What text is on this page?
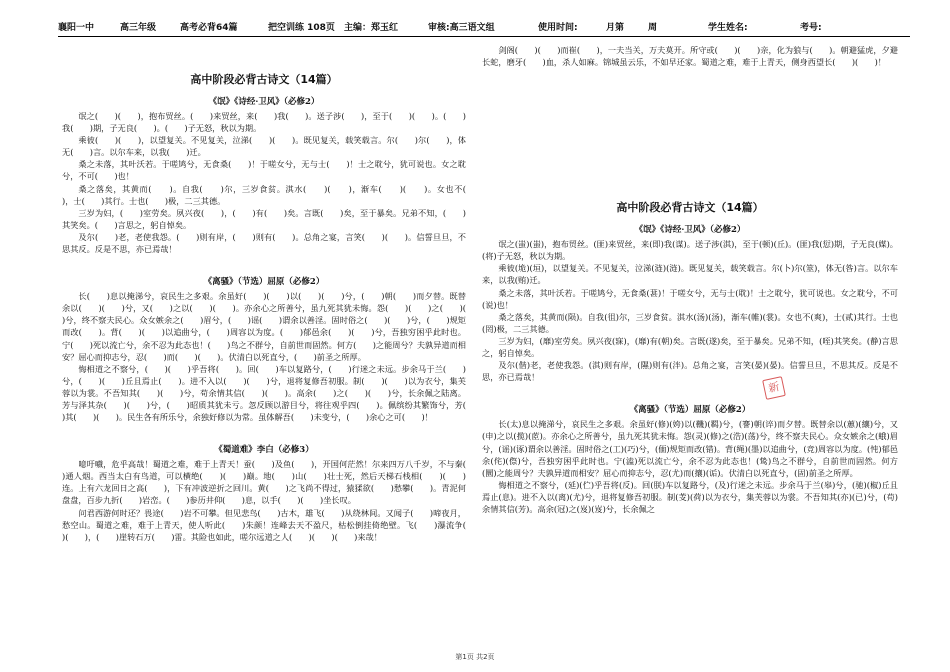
襄阳一中	高三年级	高考必背64篇	把空训练 108页 主编：郑玉红	审核:高三语文组	使用时间:	月第	周	学生姓名:	考号:
高中阶段必背古诗文（14篇）
《氓》《诗经·卫风》（必修2）

氓之(　　)(　　)，抱布贸丝。(　　)来贸丝，来(　　)我(　　)。送子涉(　　)，至于(　　)(　　)。(　　)我(　　)期，子无良(　　)。(　　)子无怒，秋以为期。

乘彼(　　)(　　)，以望复关。不见复关，泣涕(　　)(　　)。既见复关，载笑载言。尔(　　)尔(　　)，体无(　　)言。以尔车来，以我(　　)迁。

桑之未落，其叶沃若。于嗟鸠兮，无食桑(　　)！于嗟女兮，无与士(　　)！士之耽兮，犹可说也。女之耽兮，不可(　　)也！

桑之落矣，其黄而(　　)。自我(　　)尔，三岁食贫。淇水(　　)(　　)，渐车(　　)(　　)。女也不(　　)，士(　　)其行。士也(　　)极，二三其德。

三岁为妇，(　　)室劳矣。夙兴夜(　　)，(　　)有(　　)矣。言既(　　)矣，至于暴矣。兄弟不知，(　　)其笑矣。(　　)言思之，躬自悼矣。

及尔(　　)老，老使我怨。(　　)则有岸，(　　)则有(　　)。总角之宴，言笑(　　)(　　)。信誓旦旦，不思其反。反是不思，亦已焉哉！

《离骚》（节选）屈原（必修2）

长(　　)息以掩涕兮，哀民生之多艰。余虽好(　　)(　　)以(　　)(　　)兮，(　　)朝(　　)而夕替。既替余以(　　)(　　)兮，又(　　)之以(　　)(　　)。亦余心之所善兮，虽九死其犹未悔。怨(　　)(　　)之(　　)(　　)兮，终不察夫民心。众女嫉余之(　　)眉兮，(　　)谣(　　)谓余以善淫。固时俗之(　　)(　　)兮，(　　)规矩而改(　　)。背(　　)(　　)以追曲兮，(　　)周容以为度。(　　)郁邑余(　　)(　　)兮，吾独穷困乎此时也。宁(　　)死以流亡兮，余不忍为此态也！(　　)鸟之不群兮，自前世而固然。何方(　　)之能周兮？夫孰异道而相安？屈心而抑志兮，忍(　　)而(　　)(　　)。伏清白以死直兮，(　　)前圣之所厚。

悔相道之不察兮，(　　)(　　)乎吾将(　　)。回(　　)车以复路兮，(　　)行迷之未远。步余马于兰(　　)兮，(　　)(　　)丘且焉止(　　)。进不入以(　　)(　　)兮，退将复修吾初服。制(　　)(　　)以为衣兮，集芙蓉以为裳。不吾知其(　　)(　　)兮，苟余情其信(　　)(　　)。高余(　　)之(　　)(　　)兮，长余佩之陆离。芳与泽其杂(　　)(　　)兮，(　　)昭质其犹未亏。忽反顾以游目兮，将往观乎四(　　)。佩缤纷其繁饰兮，芳(　　)其(　　)(　　)。民生各有所乐兮，余独好修以为常。虽体解吾(　　)未变兮，(　　)余心之可(　　)！

《蜀道难》李白（必修3）

噫吁嚱，危乎高哉！蜀道之难，难于上青天！蚕(　　)及鱼(　　)，开国何茫然！尔来四万八千岁，不与秦(　　)通人烟。西当太白有鸟道，可以横绝(　　)(　　)巅。地(　　)山(　　)壮士死，然后天梯石栈相(　　)(　　)连。上有六龙回日之高(　　)，下有冲波逆折之回川。黄(　　)之飞尚不得过，猿猱欲(　　)愁攀(　　)。青泥何盘盘，百步九折(　　)岩峦。(　　)参历井仰(　　)息，以手(　　)(　　)坐长叹。

问君西游何时还？畏途(　　)岩不可攀。但见悲鸟(　　)古木，雄飞(　　)从绕林间。又闻子(　　)啼夜月，愁空山。蜀道之难，难于上青天，使人听此(　　)朱颜！连峰去天不盈尺，枯松倒挂倚绝壁。飞(　　)瀑流争(　　)(　　)，(　　)崖转石万(　　)雷。其险也如此，嗟尔远道之人(　　)(　　)(　　)来哉！

剑阁(　　)(　　)而崔(　　)，一夫当关，万夫莫开。所守或(　　)(　　)亲，化为狼与(　　)。朝避猛虎，夕避长蛇，磨牙(　　)血，杀人如麻。锦城虽云乐，不如早还家。蜀道之难，难于上青天，侧身西望长(　　)(　　)！

高中阶段必背古诗文（14篇）
《氓》《诗经·卫风》（必修2）

氓之(蚩)(蚩)，抱布贸丝。(匪)来贸丝，来(即)我(谋)。送子涉(淇)，至于(顿)(丘)。(匪)我(愆)期，子无良(媒)。(将)子无怒，秋以为期。

乘彼(垝)(垣)，以望复关。不见复关，泣涕(涟)(涟)。既见复关，载笑载言。尔(卜)尔(筮)，体无(咎)言。以尔车来，以我(贿)迁。

桑之未落，其叶沃若。于嗟鸠兮，无食桑(葚)！于嗟女兮，无与士(耽)！士之耽兮，犹可说也。女之耽兮，不可(说)也！

桑之落矣，其黄而(陨)。自我(徂)尔，三岁食贫。淇水(汤)(汤)，渐车(帷)(裳)。女也不(爽)，士(贰)其行。士也(罔)极，二三其德。

三岁为妇，(靡)室劳矣。夙兴夜(寐)，(靡)有(朝)矣。言既(遂)矣，至于暴矣。兄弟不知，(咥)其笑矣。(静)言思之，躬自悼矣。

及尔(偕)老，老使我怨。(淇)则有岸，(隰)则有(泮)。总角之宴，言笑(晏)(晏)。信誓旦旦，不思其反。反是不思，亦已焉哉！

《离骚》（节选）屈原（必修2）

长(太)息以掩涕兮，哀民生之多艰。余虽好(修)(姱)以(鞿)(羁)兮，(謇)朝(谇)而夕替。既替余以(蕙)(纕)兮，又(申)之以(揽)(茝)。亦余心之所善兮，虽九死其犹未悔。怨(灵)(修)之(浩)(荡)兮，终不察夫民心。众女嫉余之(蛾)眉兮，(谣)(诼)谓余以善淫。固时俗之(工)(巧)兮，(偭)规矩而改(错)。背(绳)(墨)以追曲兮，(竞)周容以为度。(忳)郁邑余(侘)(傺)兮，吾独穷困乎此时也。宁(溘)死以流亡兮，余不忍为此态也！(鸷)鸟之不群兮，自前世而固然。何方(圜)之能周兮？夫孰异道而相安？屈心而抑志兮，忍(尤)而(攘)(诟)。伏清白以死直兮，(固)前圣之所厚。

悔相道之不察兮，(延)(伫)乎吾将(反)。回(朕)车以复路兮，(及)行迷之未远。步余马于兰(皋)兮，(驰)(椒)丘且焉止(息)。进不入以(离)(尤)兮，退将复修吾初服。制(芰)(荷)以为衣兮，集芙蓉以为裳。不吾知其(亦)(已)兮，(苟)余情其信(芳)。高余(冠)之(岌)(岌)兮，长余佩之

新
第1页 共2页
